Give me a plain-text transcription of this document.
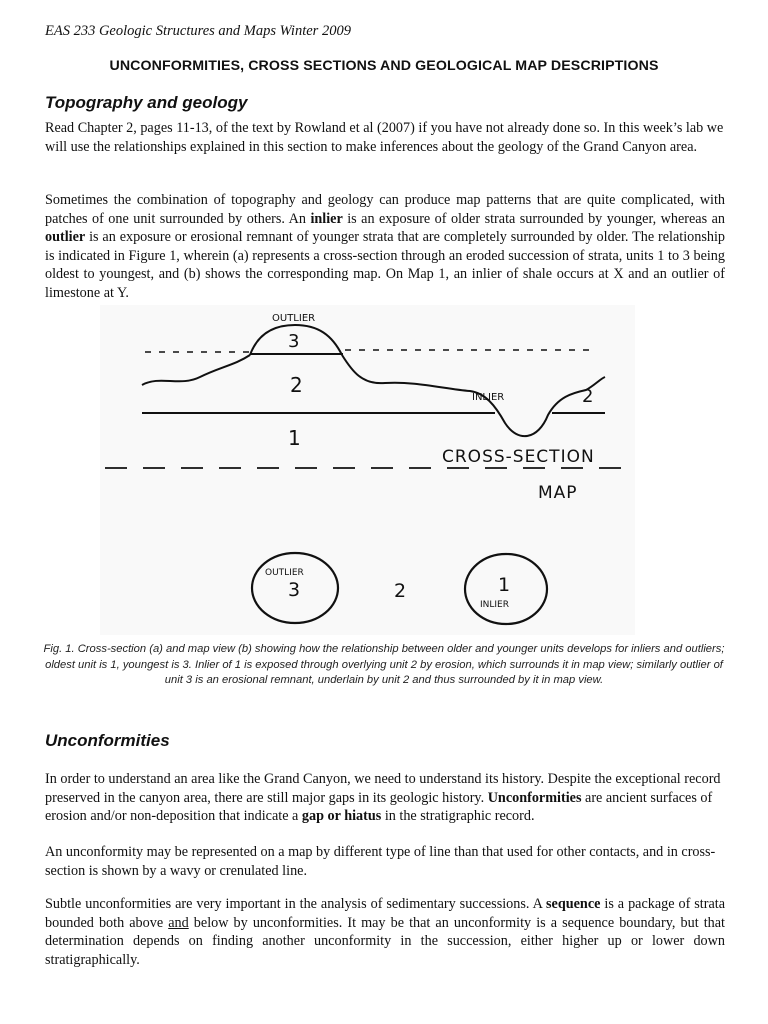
EAS 233 Geologic Structures and Maps Winter 2009
UNCONFORMITIES, CROSS SECTIONS AND GEOLOGICAL MAP DESCRIPTIONS
Topography and geology
Read Chapter 2, pages 11-13, of the text by Rowland et al (2007) if you have not already done so. In this week’s lab we will use the relationships explained in this section to make inferences about the geology of the Grand Canyon area.
Sometimes the combination of topography and geology can produce map patterns that are quite complicated, with patches of one unit surrounded by others. An inlier is an exposure of older strata surrounded by younger, whereas an outlier is an exposure or erosional remnant of younger strata that are completely surrounded by older. The relationship is indicated in Figure 1, wherein (a) represents a cross-section through an eroded succession of strata, units 1 to 3 being oldest to youngest, and (b) shows the corresponding map. On Map 1, an inlier of shale occurs at X and an outlier of limestone at Y.
OUTLIER
3
2
1
INLIER	2
CROSS-SECTION
MAP
OUTLIER
3	2	1
INLIER
Fig. 1. Cross-section (a) and map view (b) showing how the relationship between older and younger units develops for inliers and outliers; oldest unit is 1, youngest is 3. Inlier of 1 is exposed through overlying unit 2 by erosion, which surrounds it in map view; similarly outlier of unit 3 is an erosional remnant, underlain by unit 2 and thus surrounded by it in map view.
Unconformities
In order to understand an area like the Grand Canyon, we need to understand its history. Despite the exceptional record preserved in the canyon area, there are still major gaps in its geologic history. Unconformities are ancient surfaces of erosion and/or non-deposition that indicate a gap or hiatus in the stratigraphic record.
An unconformity may be represented on a map by different type of line than that used for other contacts, and in cross-section is shown by a wavy or crenulated line.
Subtle unconformities are very important in the analysis of sedimentary successions. A sequence is a package of strata bounded both above and below by unconformities. It may be that an unconformity is a sequence boundary, but that determination depends on finding another unconformity in the succession, either higher up or lower down stratigraphically.
